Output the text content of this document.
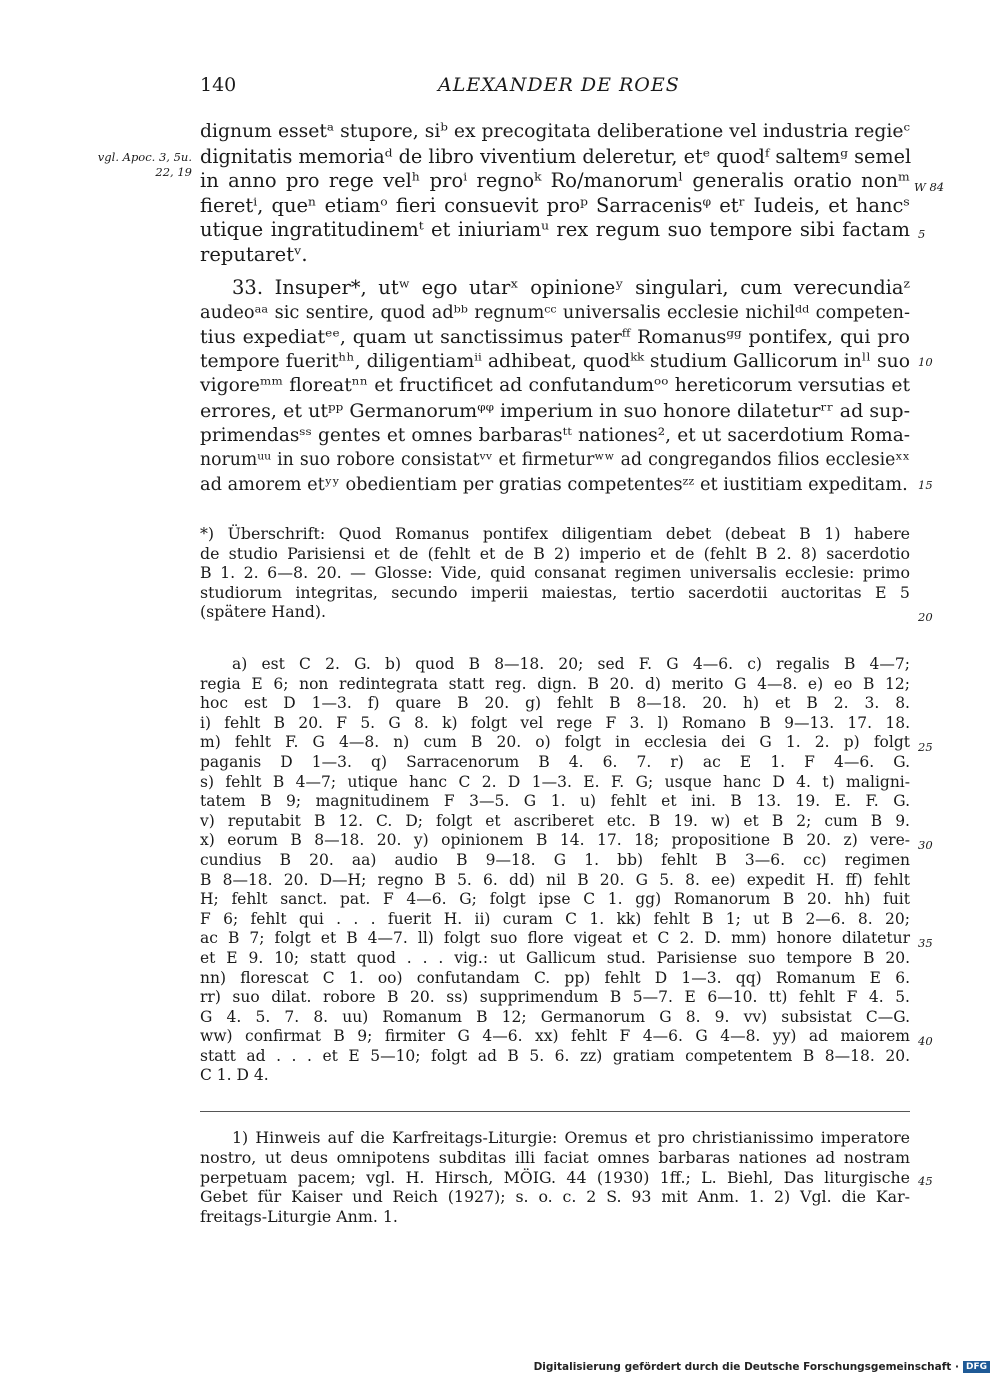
140	ALEXANDER DE ROES
vgl. Apoc. 3, 5u.
22, 19
dignum essetᵃ stupore, siᵇ ex precogitata deliberatione vel industria regieᶜ
dignitatis memoriaᵈ de libro viventium deleretur, etᵉ quodᶠ saltemᵍ semel
in anno pro rege velʰ proⁱ regnoᵏ Ro/manorumˡ generalis oratio nonᵐ
fieretⁱ, queⁿ etiamᵒ fieri consuevit proᵖ Sarracenisᵠ etʳ Iudeis, et hancˢ
utique ingratitudinemᵗ et iniuriamᵘ rex regum suo tempore sibi factam
reputaretᵛ.
33. Insuper*, utʷ ego utarˣ opinioneʸ singulari, cum verecundiaᶻ
audeoᵃᵃ sic sentire, quod adᵇᵇ regnumᶜᶜ universalis ecclesie nichilᵈᵈ competen-
tius expediatᵉᵉ, quam ut sanctissimus paterᶠᶠ Romanusᵍᵍ pontifex, qui pro
tempore fueritʰʰ, diligentiamⁱⁱ adhibeat, quodᵏᵏ studium Gallicorum inˡˡ suo
vigoreᵐᵐ floreatⁿⁿ et fructificet ad confutandumᵒᵒ hereticorum versutias et
errores, et utᵖᵖ Germanorumᵠᵠ imperium in suo honore dilateturʳʳ ad sup-
primendasˢˢ gentes et omnes barbarasᵗᵗ nationes², et ut sacerdotium Roma-
norumᵘᵘ in suo robore consistatᵛᵛ et firmeturʷʷ ad congregandos filios ecclesieˣˣ
ad amorem etʸʸ obedientiam per gratias competentesᶻᶻ et iustitiam expeditam.
*) Überschrift: Quod Romanus pontifex diligentiam debet (debeat B 1) habere
de studio Parisiensi et de (fehlt et de B 2) imperio et de (fehlt B 2. 8) sacerdotio
B 1. 2. 6—8. 20. — Glosse: Vide, quid consanat regimen universalis ecclesie: primo
studiorum integritas, secundo imperii maiestas, tertio sacerdotii auctoritas E 5
(spätere Hand).
a) est C 2. G. b) quod B 8—18. 20; sed F. G 4—6. c) regalis B 4—7;
regia E 6; non redintegrata statt reg. dign. B 20. d) merito G 4—8. e) eo B 12;
hoc est D 1—3. f) quare B 20. g) fehlt B 8—18. 20. h) et B 2. 3. 8.
i) fehlt B 20. F 5. G 8. k) folgt vel rege F 3. l) Romano B 9—13. 17. 18.
m) fehlt F. G 4—8. n) cum B 20. o) folgt in ecclesia dei G 1. 2. p) folgt
paganis D 1—3. q) Sarracenorum B 4. 6. 7. r) ac E 1. F 4—6. G.
s) fehlt B 4—7; utique hanc C 2. D 1—3. E. F. G; usque hanc D 4. t) maligni-
tatem B 9; magnitudinem F 3—5. G 1. u) fehlt et ini. B 13. 19. E. F. G.
v) reputabit B 12. C. D; folgt et ascriberet etc. B 19. w) et B 2; cum B 9.
x) eorum B 8—18. 20. y) opinionem B 14. 17. 18; propositione B 20. z) vere-
cundius B 20. aa) audio B 9—18. G 1. bb) fehlt B 3—6. cc) regimen
B 8—18. 20. D—H; regno B 5. 6. dd) nil B 20. G 5. 8. ee) expedit H. ff) fehlt
H; fehlt sanct. pat. F 4—6. G; folgt ipse C 1. gg) Romanorum B 20. hh) fuit
F 6; fehlt qui . . . fuerit H. ii) curam C 1. kk) fehlt B 1; ut B 2—6. 8. 20;
ac B 7; folgt et B 4—7. ll) folgt suo flore vigeat et C 2. D. mm) honore dilatetur
et E 9. 10; statt quod . . . vig.: ut Gallicum stud. Parisiense suo tempore B 20.
nn) florescat C 1. oo) confutandam C. pp) fehlt D 1—3. qq) Romanum E 6.
rr) suo dilat. robore B 20. ss) supprimendum B 5—7. E 6—10. tt) fehlt F 4. 5.
G 4. 5. 7. 8. uu) Romanum B 12; Germanorum G 8. 9. vv) subsistat C—G.
ww) confirmat B 9; firmiter G 4—6. xx) fehlt F 4—6. G 4—8. yy) ad maiorem
statt ad . . . et E 5—10; folgt ad B 5. 6. zz) gratiam competentem B 8—18. 20.
C 1. D 4.
1) Hinweis auf die Karfreitags-Liturgie: Oremus et pro christianissimo imperatore
nostro, ut deus omnipotens subditas illi faciat omnes barbaras nationes ad nostram
perpetuam pacem; vgl. H. Hirsch, MÖIG. 44 (1930) 1ff.; L. Biehl, Das liturgische
Gebet für Kaiser und Reich (1927); s. o. c. 2 S. 93 mit Anm. 1. 2) Vgl. die Kar-
freitags-Liturgie Anm. 1.
W 84
5
10
15
20
25
30
35
40
45
Digitalisierung gefördert durch die Deutsche Forschungsgemeinschaft · DFG
